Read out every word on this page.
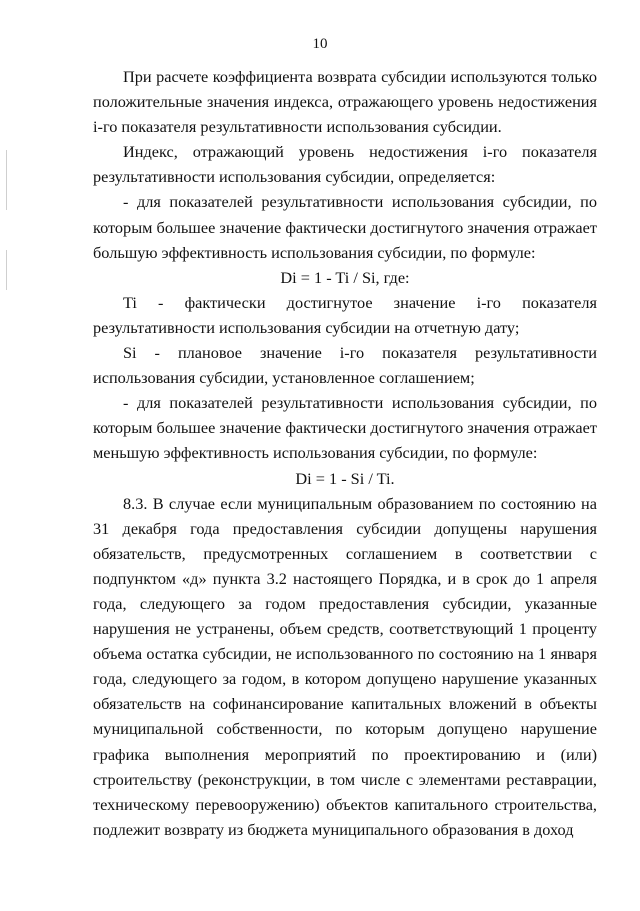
10

При расчете коэффициента возврата субсидии используются только положительные значения индекса, отражающего уровень недостижения i-го показателя результативности использования субсидии.

Индекс, отражающий уровень недостижения i-го показателя результативности использования субсидии, определяется:

- для показателей результативности использования субсидии, по которым большее значение фактически достигнутого значения отражает большую эффективность использования субсидии, по формуле:

Di = 1 - Ti / Si, где:

Ti - фактически достигнутое значение i-го показателя результативности использования субсидии на отчетную дату;

Si - плановое значение i-го показателя результативности использования субсидии, установленное соглашением;

- для показателей результативности использования субсидии, по которым большее значение фактически достигнутого значения отражает меньшую эффективность использования субсидии, по формуле:

Di = 1 - Si / Ti.

8.3. В случае если муниципальным образованием по состоянию на 31 декабря года предоставления субсидии допущены нарушения обязательств, предусмотренных соглашением в соответствии с подпунктом «д» пункта 3.2 настоящего Порядка, и в срок до 1 апреля года, следующего за годом предоставления субсидии, указанные нарушения не устранены, объем средств, соответствующий 1 проценту объема остатка субсидии, не использованного по состоянию на 1 января года, следующего за годом, в котором допущено нарушение указанных обязательств на софинансирование капитальных вложений в объекты муниципальной собственности, по которым допущено нарушение графика выполнения мероприятий по проектированию и (или) строительству (реконструкции, в том числе с элементами реставрации, техническому перевооружению) объектов капитального строительства, подлежит возврату из бюджета муниципального образования в доход
